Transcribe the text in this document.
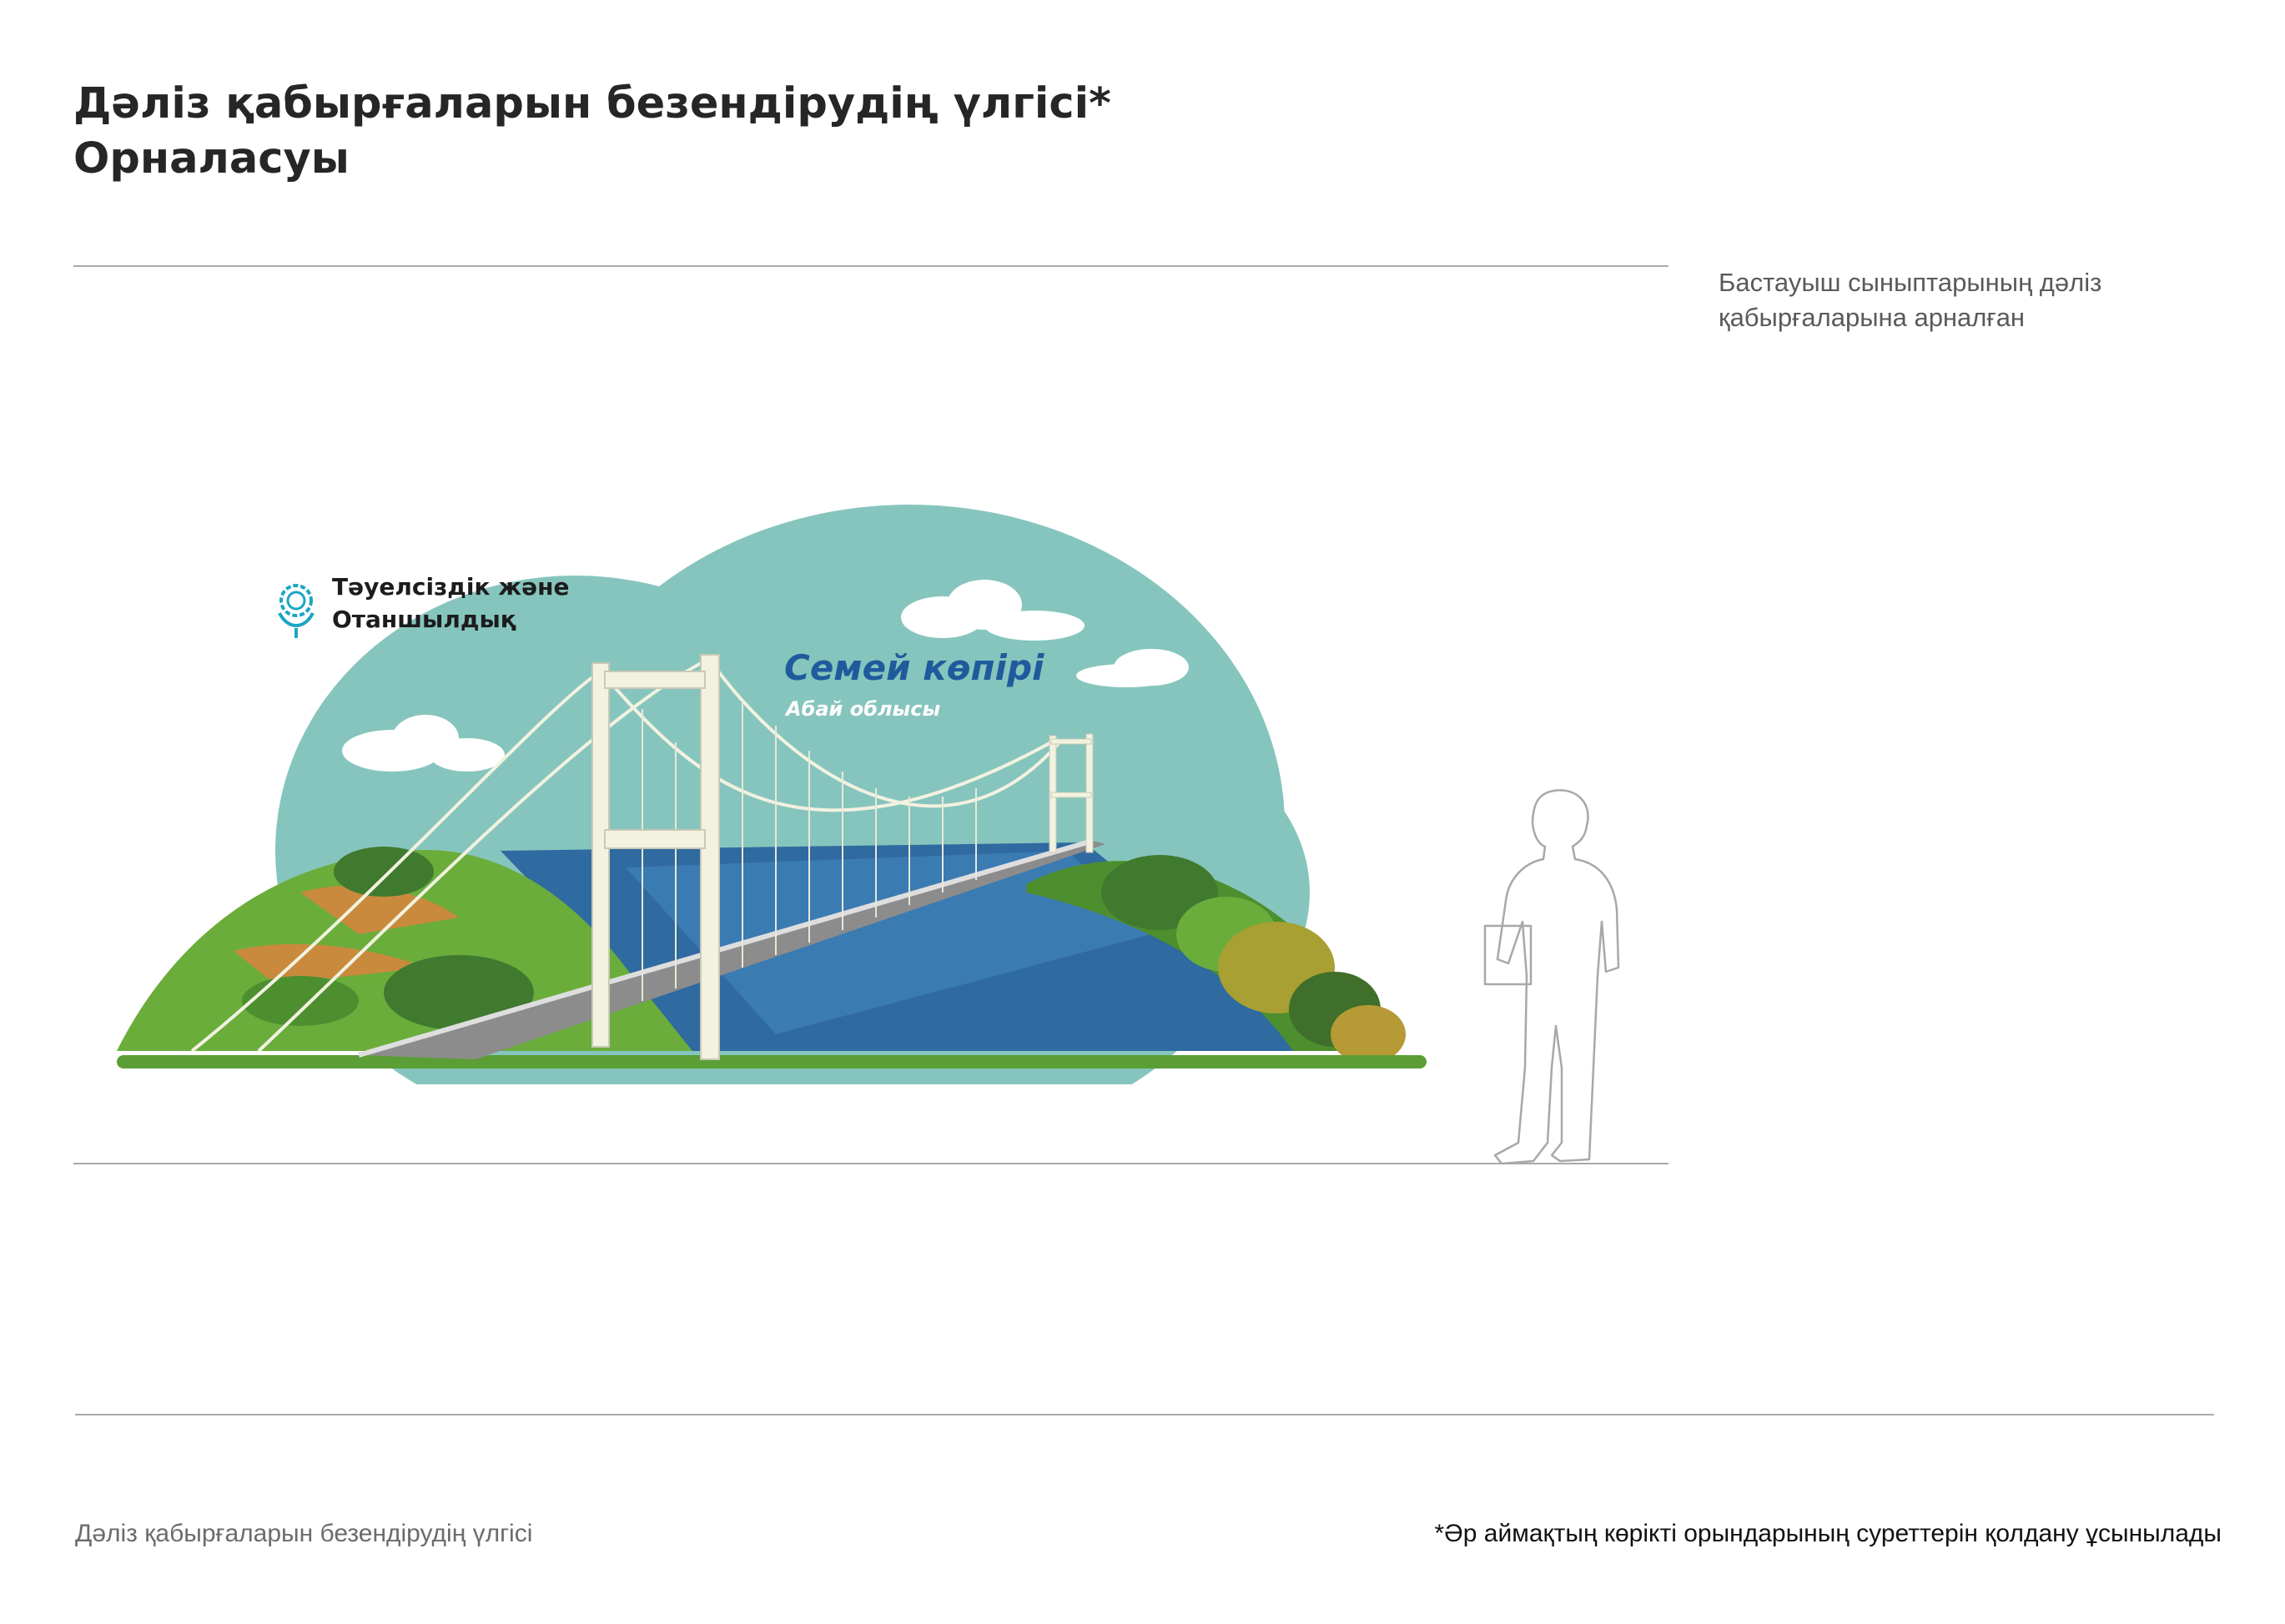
Дәліз қабырғаларын безендірудің үлгісі*
Орналасуы
Бастауыш сыныптарының дәліз
қабырғаларына арналған
Семей көпірі
Абай облысы
Тәуелсіздік және
Отаншылдық
Дәліз қабырғаларын безендірудің үлгісі	*Әр аймақтың көрікті орындарының суреттерін қолдану ұсынылады
